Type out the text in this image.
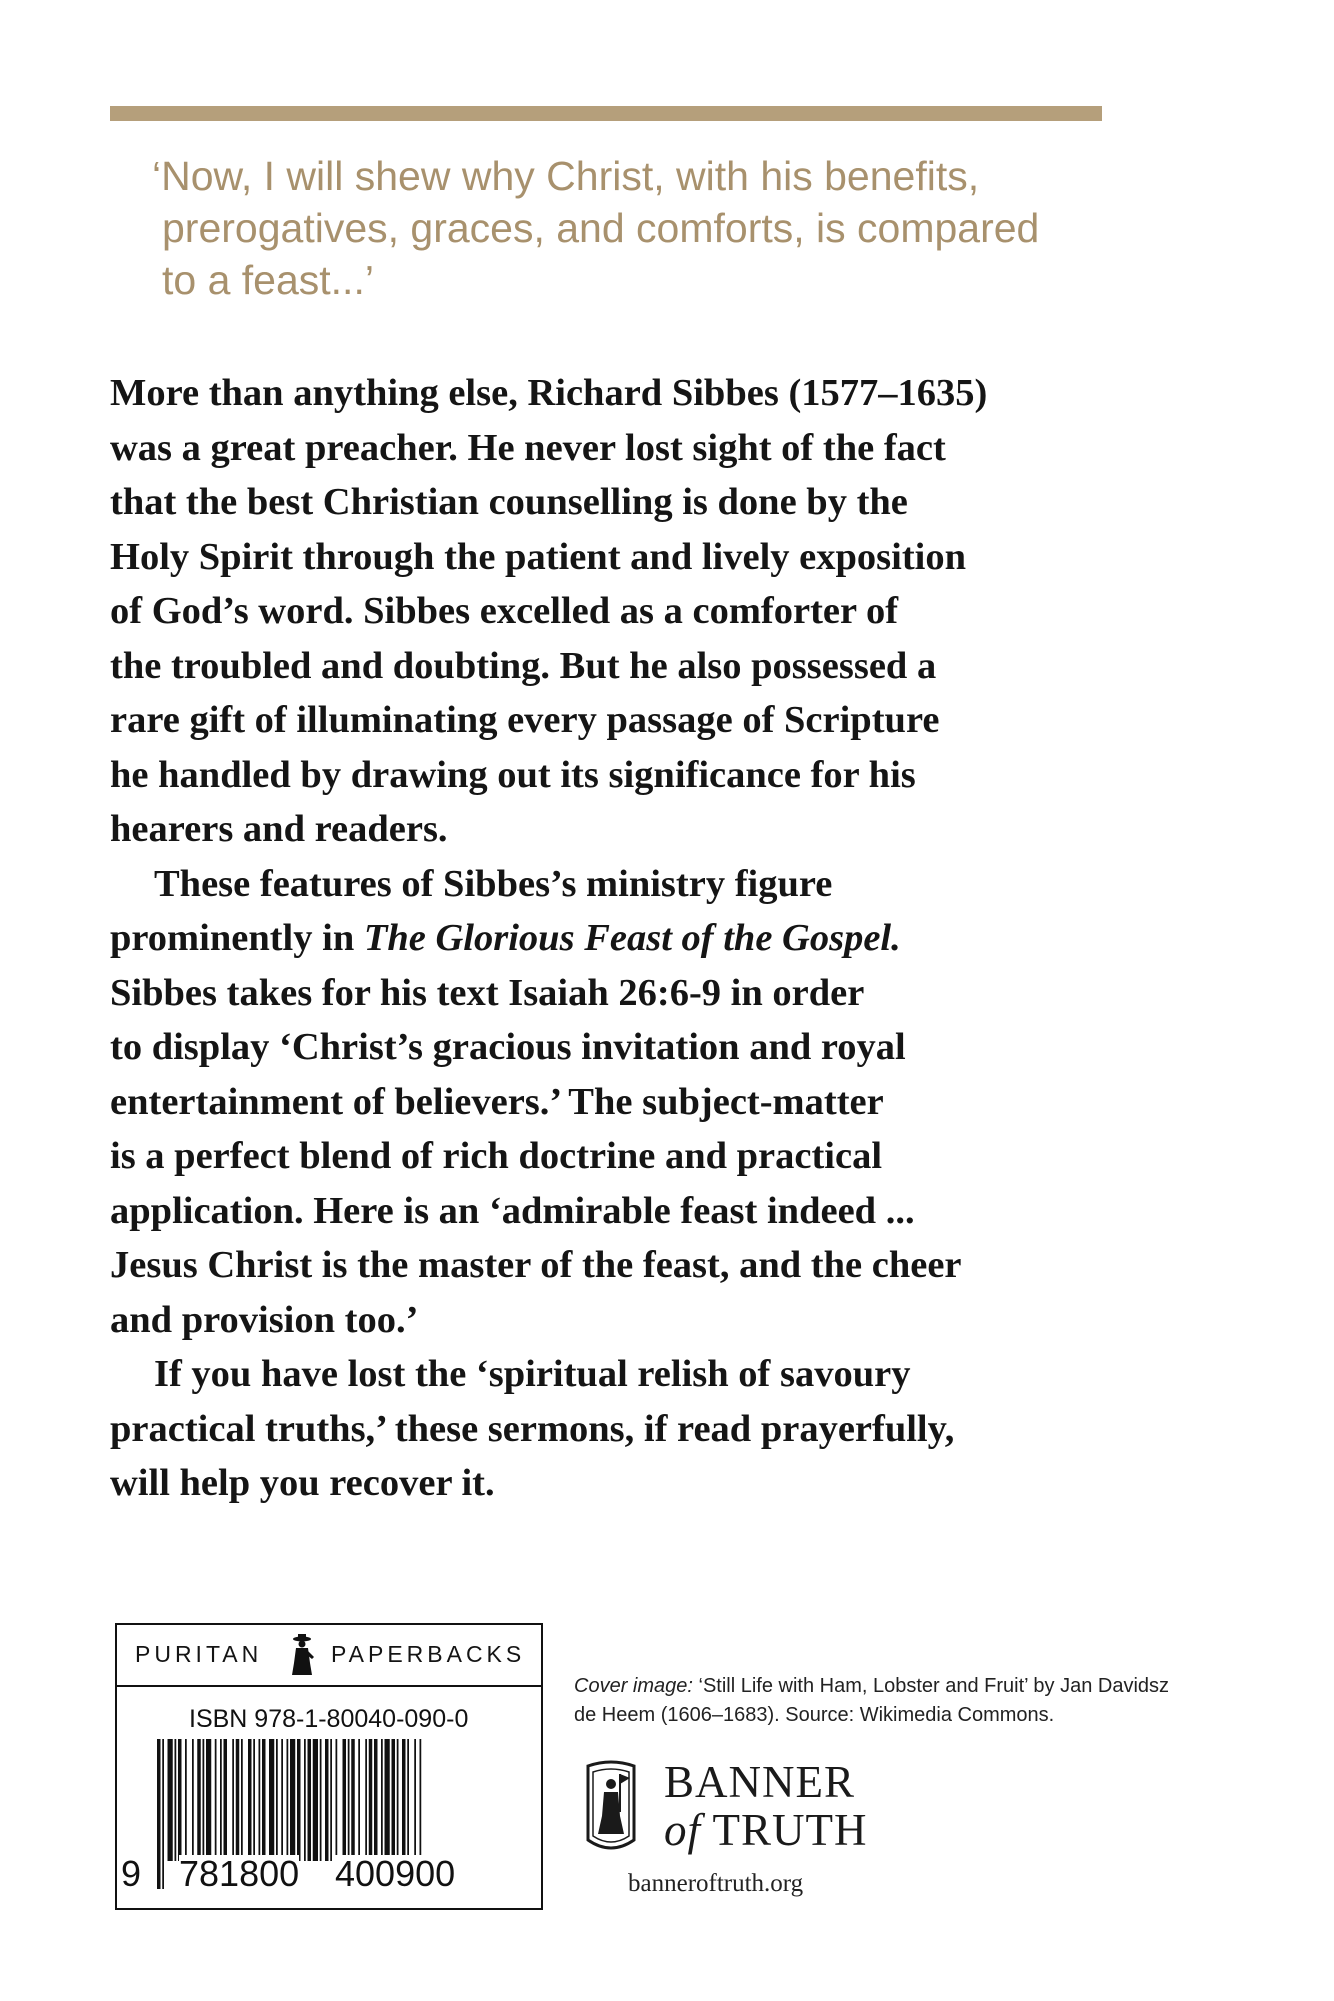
‘Now, I will shew why Christ, with his benefits,

prerogatives, graces, and comforts, is compared

to a feast...’

More than anything else, Richard Sibbes (1577–1635)
was a great preacher. He never lost sight of the fact
that the best Christian counselling is done by the
Holy Spirit through the patient and lively exposition
of God’s word. Sibbes excelled as a comforter of
the troubled and doubting. But he also possessed a
rare gift of illuminating every passage of Scripture
he handled by drawing out its significance for his
hearers and readers.
These features of Sibbes’s ministry figure
prominently in The Glorious Feast of the Gospel.
Sibbes takes for his text Isaiah 26:6-9 in order
to display ‘Christ’s gracious invitation and royal
entertainment of believers.’ The subject-matter
is a perfect blend of rich doctrine and practical
application. Here is an ‘admirable feast indeed ...
Jesus Christ is the master of the feast, and the cheer
and provision too.’
If you have lost the ‘spiritual relish of savoury
practical truths,’ these sermons, if read prayerfully,
will help you recover it.
PURITAN	PAPERBACKS
ISBN 978-1-80040-090-0
9 781800 400900
Cover image: ‘Still Life with Ham, Lobster and Fruit’ by Jan Davidsz de Heem (1606–1683). Source: Wikimedia Commons.
BANNER
of TRUTH
banneroftruth.org
